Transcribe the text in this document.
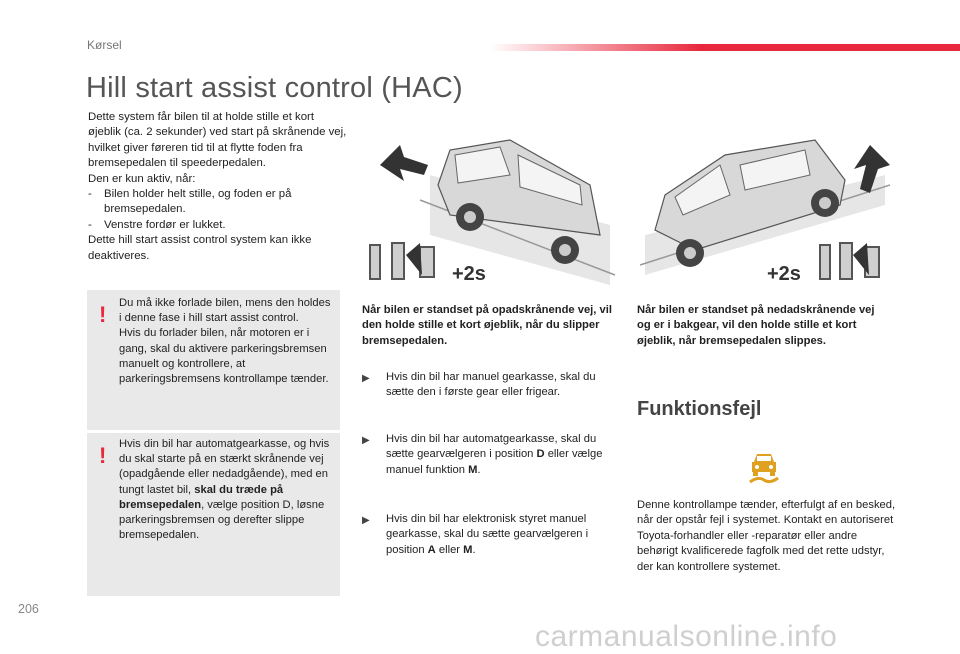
Kørsel
Hill start assist control (HAC)

Dette system får bilen til at holde stille et kort øjeblik (ca. 2 sekunder) ved start på skrånende vej, hvilket giver føreren tid til at flytte foden fra bremsepedalen til speederpedalen.

Den er kun aktiv, når:

-	Bilen holder helt stille, og foden er på bremsepedalen.
-	Venstre fordør er lukket.

Dette hill start assist control system kan ikke deaktiveres.

! Du må ikke forlade bilen, mens den holdes i denne fase i hill start assist control.

Hvis du forlader bilen, når motoren er i gang, skal du aktivere parkeringsbremsen manuelt og kontrollere, at parkeringsbremsens kontrollampe tænder.

! Hvis din bil har automatgearkasse, og hvis du skal starte på en stærkt skrånende vej (opadgående eller nedadgående), med en tungt lastet bil, skal du træde på bremsepedalen, vælge position D, løsne parkeringsbremsen og derefter slippe bremsepedalen.
+2s	+2s
Når bilen er standset på opadskrånende vej, vil den holde stille et kort øjeblik, når du slipper bremsepedalen.
Når bilen er standset på nedadskrånende vej og er i bakgear, vil den holde stille et kort øjeblik, når bremsepedalen slippes.
▶	Hvis din bil har manuel gearkasse, skal du sætte den i første gear eller frigear.
▶	Hvis din bil har automatgearkasse, skal du sætte gearvælgeren i position D eller vælge manuel funktion M.
▶	Hvis din bil har elektronisk styret manuel gearkasse, skal du sætte gearvælgeren i position A eller M.
Funktionsfejl
Denne kontrollampe tænder, efterfulgt af en besked, når der opstår fejl i systemet. Kontakt en autoriseret Toyota-forhandler eller -reparatør eller andre behørigt kvalificerede fagfolk med det rette udstyr, der kan kontrollere systemet.
206
carmanualsonline.info
